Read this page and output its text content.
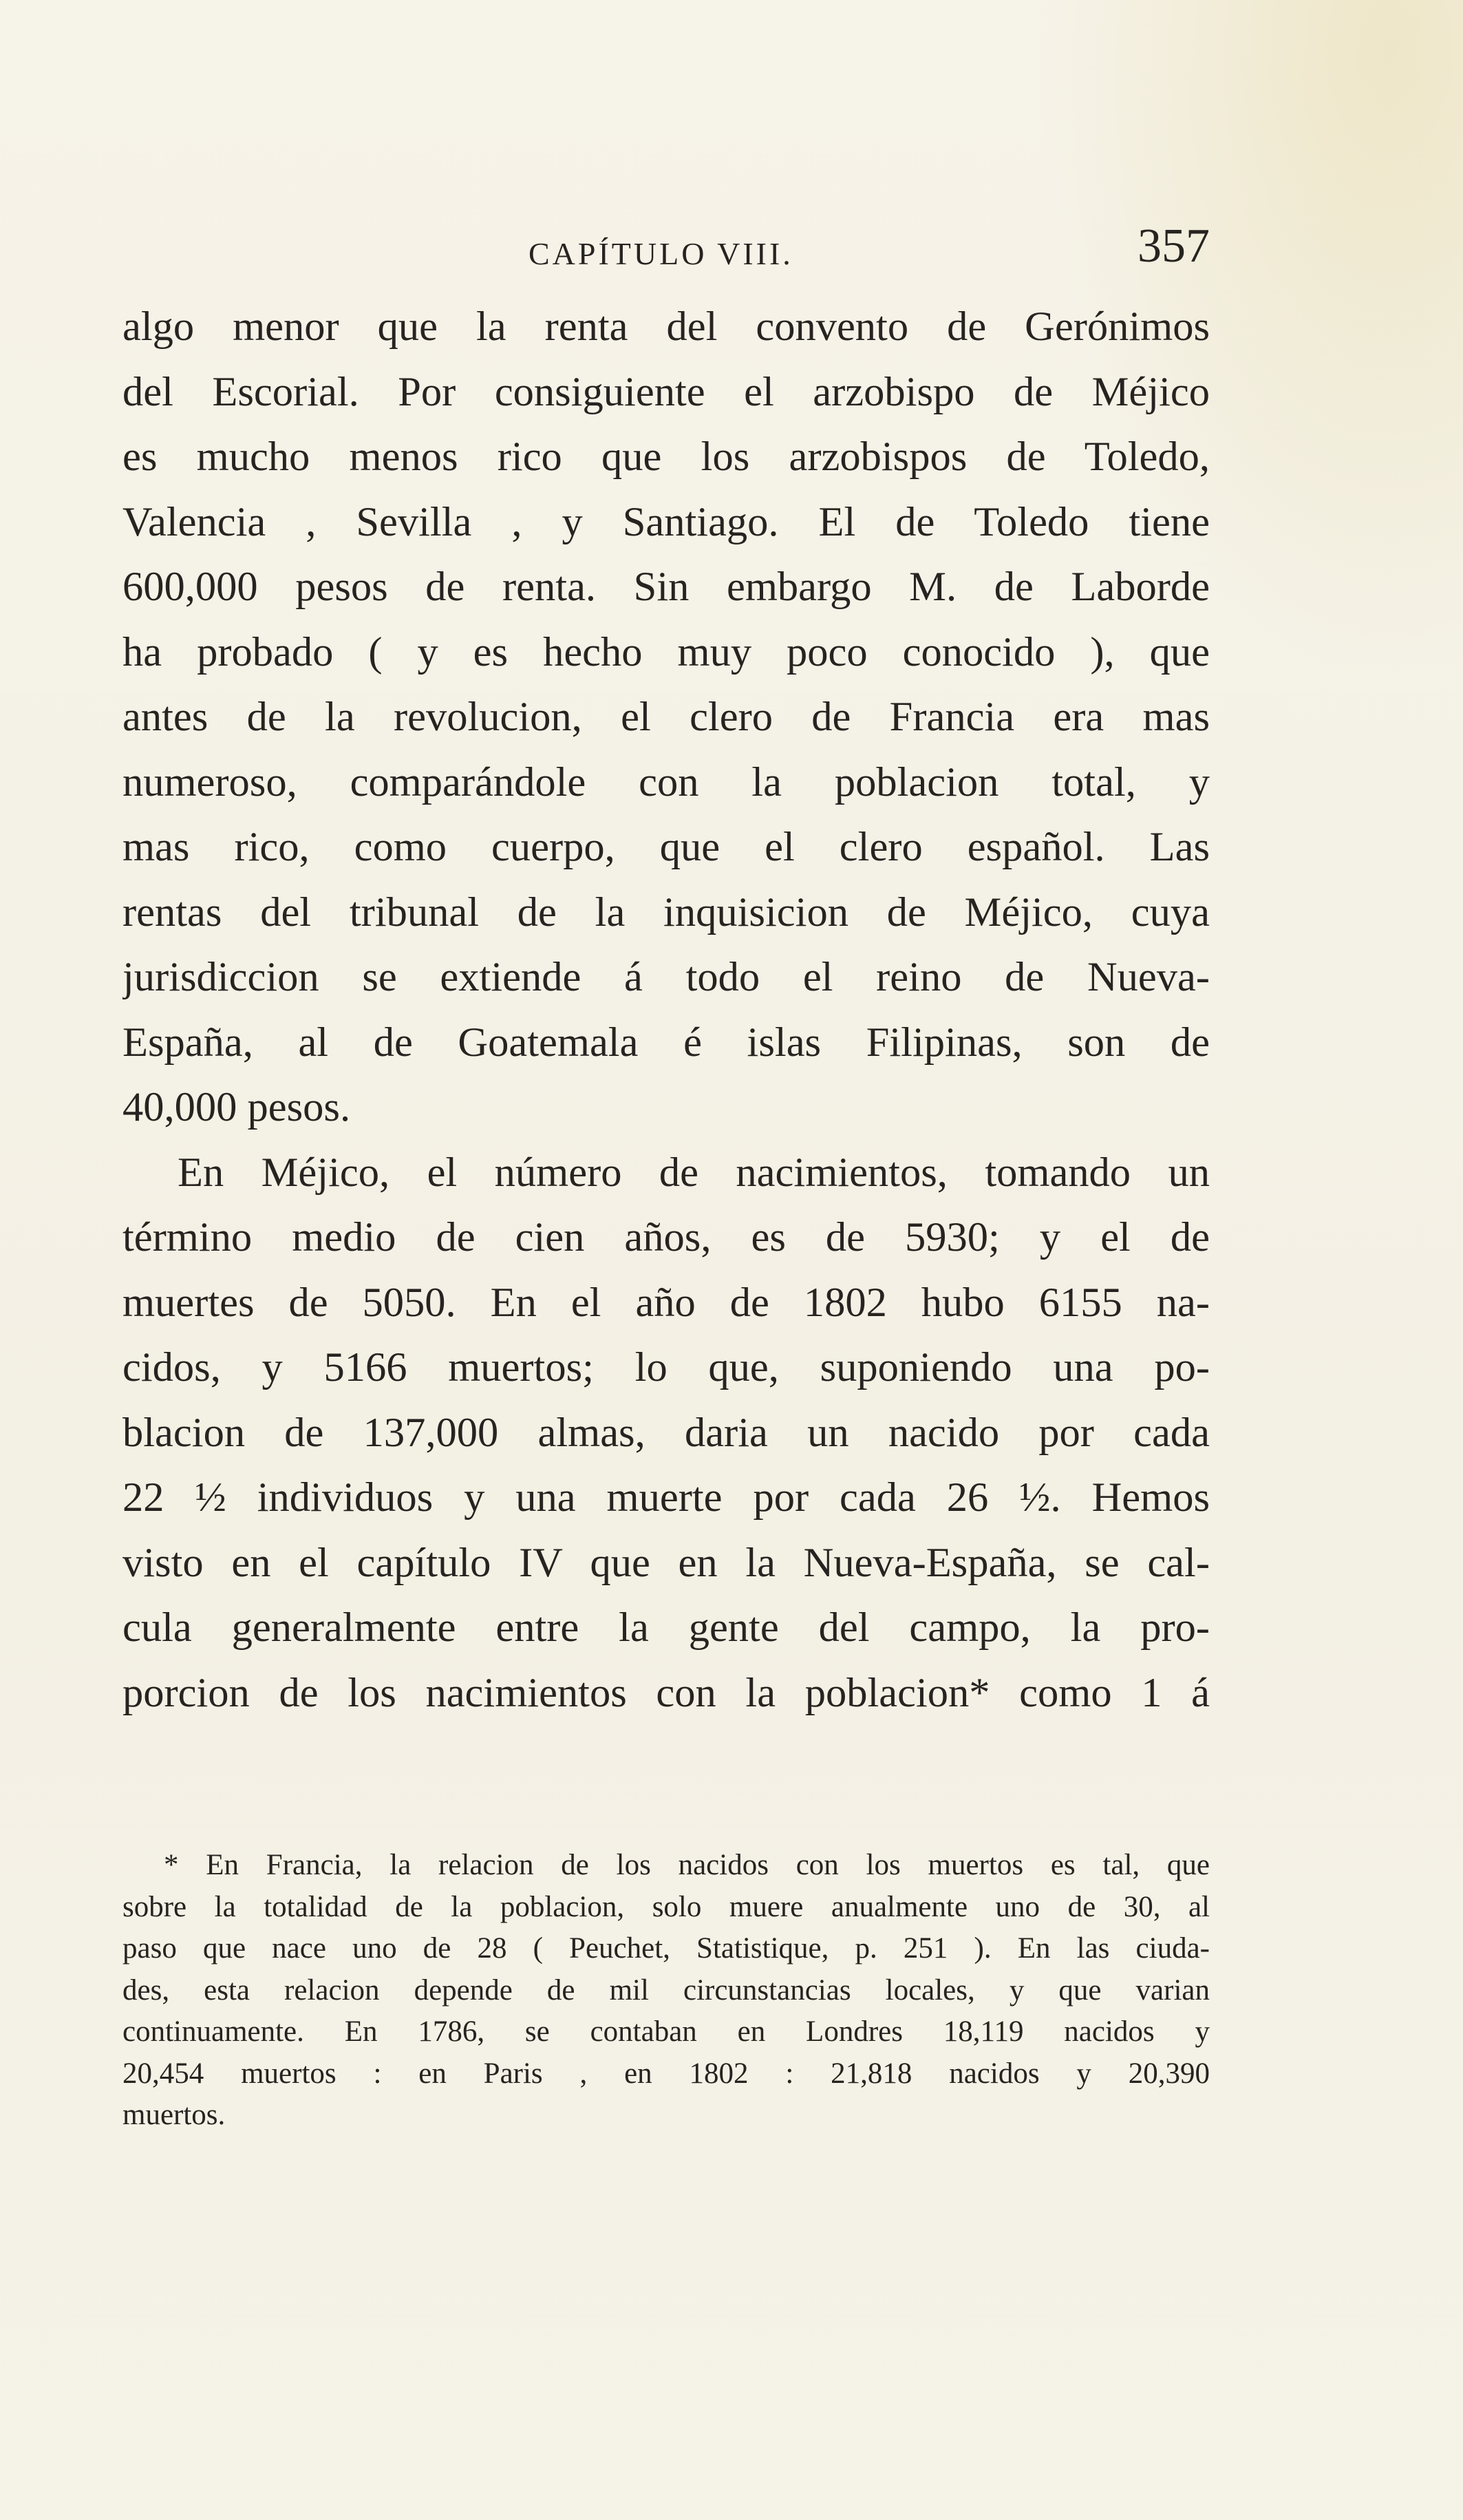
CAPÍTULO VIII.	357
algo menor que la renta del convento de Gerónimos
del Escorial. Por consiguiente el arzobispo de Méjico
es mucho menos rico que los arzobispos de Toledo,
Valencia , Sevilla , y Santiago. El de Toledo tiene
600,000 pesos de renta. Sin embargo M. de Laborde
ha probado ( y es hecho muy poco conocido ), que
antes de la revolucion, el clero de Francia era mas
numeroso, comparándole con la poblacion total, y
mas rico, como cuerpo, que el clero español. Las
rentas del tribunal de la inquisicion de Méjico, cuya
jurisdiccion se extiende á todo el reino de Nueva-
España, al de Goatemala é islas Filipinas, son de
40,000 pesos.
En Méjico, el número de nacimientos, tomando un
término medio de cien años, es de 5930; y el de
muertes de 5050. En el año de 1802 hubo 6155 na-
cidos, y 5166 muertos; lo que, suponiendo una po-
blacion de 137,000 almas, daria un nacido por cada
22 ½ individuos y una muerte por cada 26 ½. Hemos
visto en el capítulo IV que en la Nueva-España, se cal-
cula generalmente entre la gente del campo, la pro-
porcion de los nacimientos con la poblacion* como 1 á
* En Francia, la relacion de los nacidos con los muertos es tal, que
sobre la totalidad de la poblacion, solo muere anualmente uno de 30, al
paso que nace uno de 28 ( Peuchet, Statistique, p. 251 ). En las ciuda-
des, esta relacion depende de mil circunstancias locales, y que varian
continuamente. En 1786, se contaban en Londres 18,119 nacidos y
20,454 muertos : en Paris , en 1802 : 21,818 nacidos y 20,390
muertos.
